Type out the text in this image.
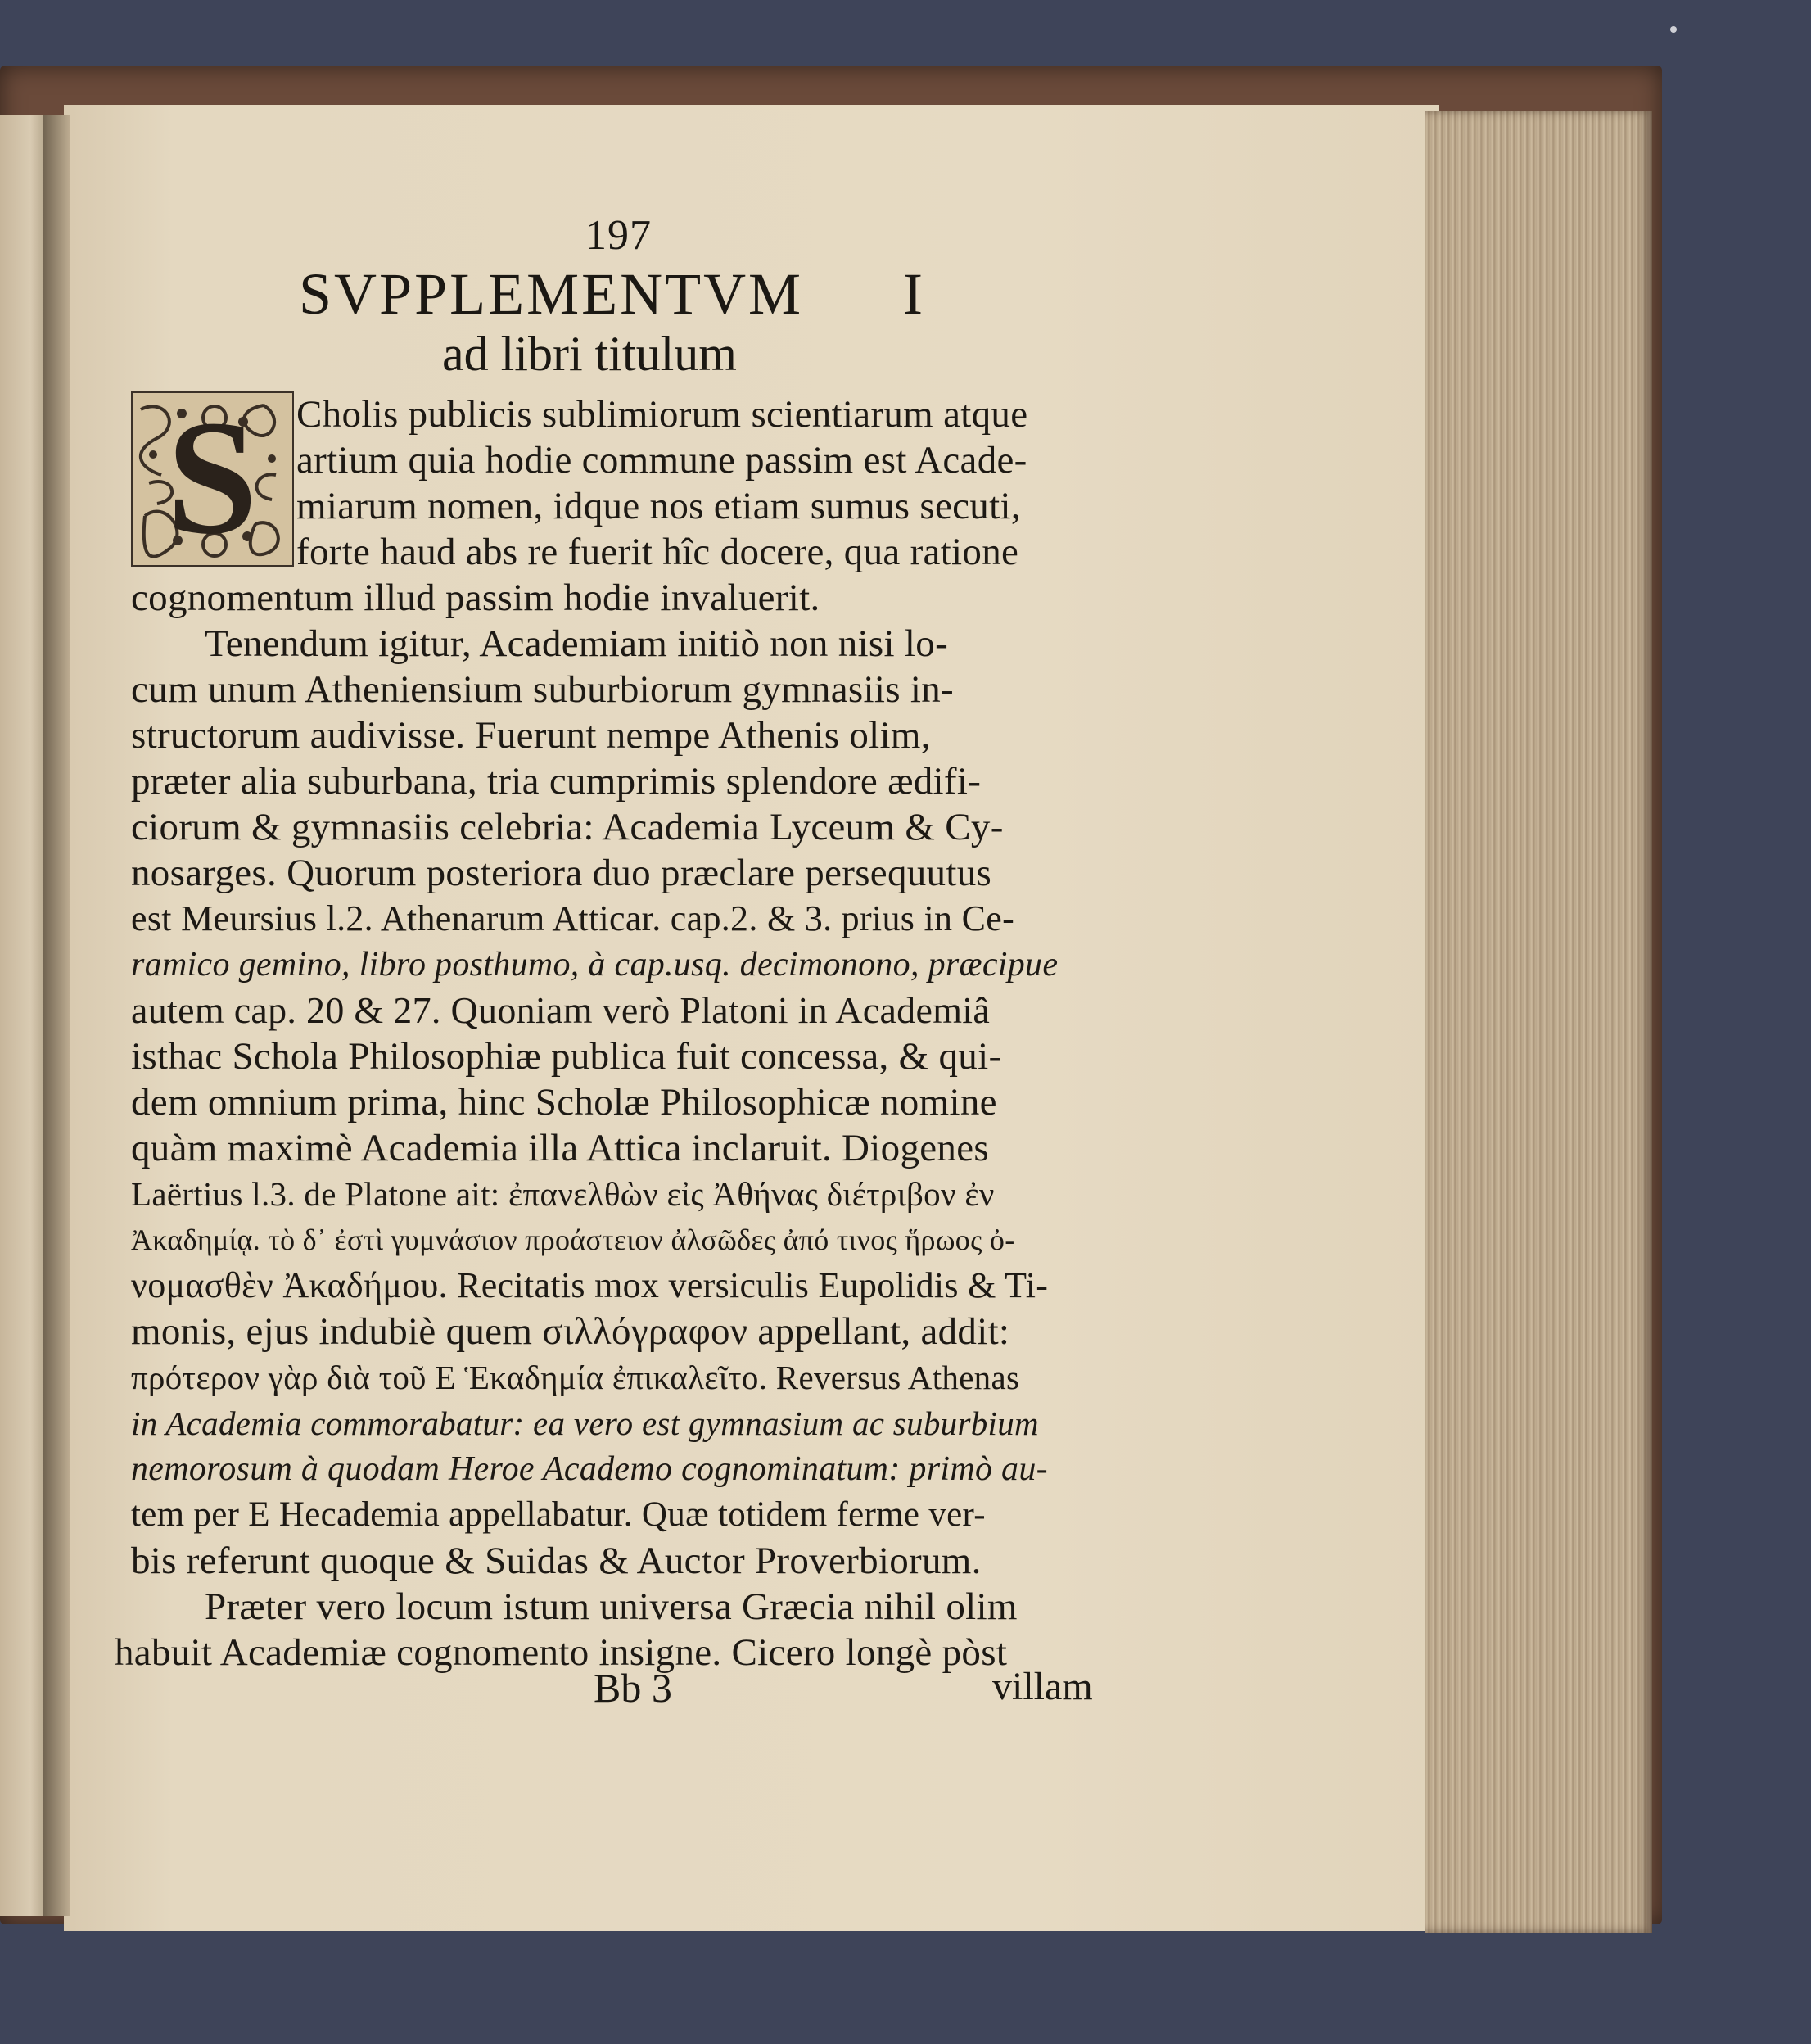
197
SVPPLEMENTVM I
ad libri titulum
S Cholis publicis sublimiorum scientiarum atque
artium quia hodie commune passim est Acade-
miarum nomen, idque nos etiam sumus secuti,
forte haud abs re fuerit hîc docere, qua ratione
cognomentum illud passim hodie invaluerit.
Tenendum igitur, Academiam initiò non nisi lo-
cum unum Atheniensium suburbiorum gymnasiis in-
structorum audivisse. Fuerunt nempe Athenis olim,
præter alia suburbana, tria cumprimis splendore ædifi-
ciorum & gymnasiis celebria: Academia Lyceum & Cy-
nosarges. Quorum posteriora duo præclare persequutus
est Meursius l.2. Athenarum Atticar. cap.2. & 3. prius in Ce-
ramico gemino, libro posthumo, à cap.usq. decimonono, præcipue
autem cap. 20 & 27. Quoniam verò Platoni in Academiâ
isthac Schola Philosophiæ publica fuit concessa, & qui-
dem omnium prima, hinc Scholæ Philosophicæ nomine
quàm maximè Academia illa Attica inclaruit. Diogenes
Laërtius l.3. de Platone ait: ἐπανελθὼν εἰς Ἀθήνας διέτριβον ἐν
Ἀκαδημίᾳ. τὸ δ᾽ ἐστὶ γυμνάσιον προάστειον ἀλσῶδες ἀπό τινος ἥρωος ὀ-
νομασθὲν Ἀκαδήμου. Recitatis mox versiculis Eupolidis & Ti-
monis, ejus indubiè quem σιλλόγραφον appellant, addit:
πρότερον γὰρ διὰ τοῦ Ε Ἑκαδημία ἐπικαλεῖτο. Reversus Athenas
in Academia commorabatur: ea vero est gymnasium ac suburbium
nemorosum à quodam Heroe Academo cognominatum: primò au-
tem per E Hecademia appellabatur. Quæ totidem ferme ver-
bis referunt quoque & Suidas & Auctor Proverbiorum.
Præter vero locum istum universa Græcia nihil olim
habuit Academiæ cognomento insigne. Cicero longè pòst
Bb 3	villam
